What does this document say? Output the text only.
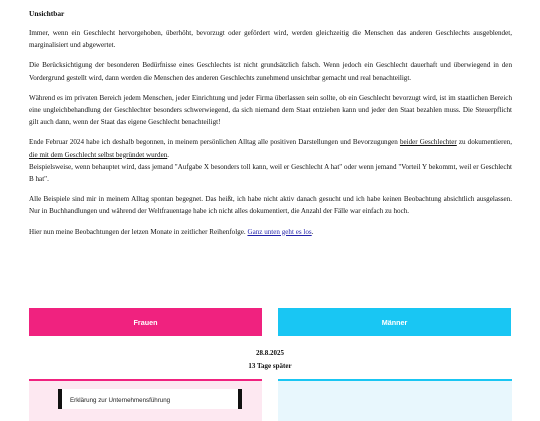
Unsichtbar

Immer, wenn ein Geschlecht hervorgehoben, überhöht, bevorzugt oder gefördert wird, werden gleichzeitig die Menschen das anderen Geschlechts ausgeblendet, marginalisiert und abgewertet.

Die Berücksichtigung der besonderen Bedürfnisse eines Geschlechts ist nicht grundsätzlich falsch. Wenn jedoch ein Geschlecht dauerhaft und überwiegend in den Vordergrund gestellt wird, dann werden die Menschen des anderen Geschlechts zunehmend unsichtbar gemacht und real benachteiligt.

Während es im privaten Bereich jedem Menschen, jeder Einrichtung und jeder Firma überlassen sein sollte, ob ein Geschlecht bevorzugt wird, ist im staatlichen Bereich eine ungleichbehandlung der Geschlechter besonders schwerwiegend, da sich niemand dem Staat entziehen kann und jeder den Staat bezahlen muss. Die Steuerpflicht gilt auch dann, wenn der Staat das eigene Geschlecht benachteiligt!

Ende Februar 2024 habe ich deshalb begonnen, in meinem persönlichen Alltag alle positiven Darstellungen und Bevorzugungen beider Geschlechter zu dokumentieren, die mit dem Geschlecht selbst begründet wurden.
Beispielsweise, wenn behauptet wird, dass jemand "Aufgabe X besonders toll kann, weil er Geschlecht A hat" oder wenn jemand "Vorteil Y bekommt, weil er Geschlecht B hat".

Alle Beispiele sind mir in meinem Alltag spontan begegnet. Das heißt, ich habe nicht aktiv danach gesucht und ich habe keinen Beobachtung absichtlich ausgelassen. Nur in Buchhandlungen und während der Weltfrauentage habe ich nicht alles dokumentiert, die Anzahl der Fälle war einfach zu hoch.

Hier nun meine Beobachtungen der letzen Monate in zeitlicher Reihenfolge. Ganz unten geht es los.

Frauen	Männer
28.8.2025
13 Tage später
Erklärung zur Unternehmensführung
